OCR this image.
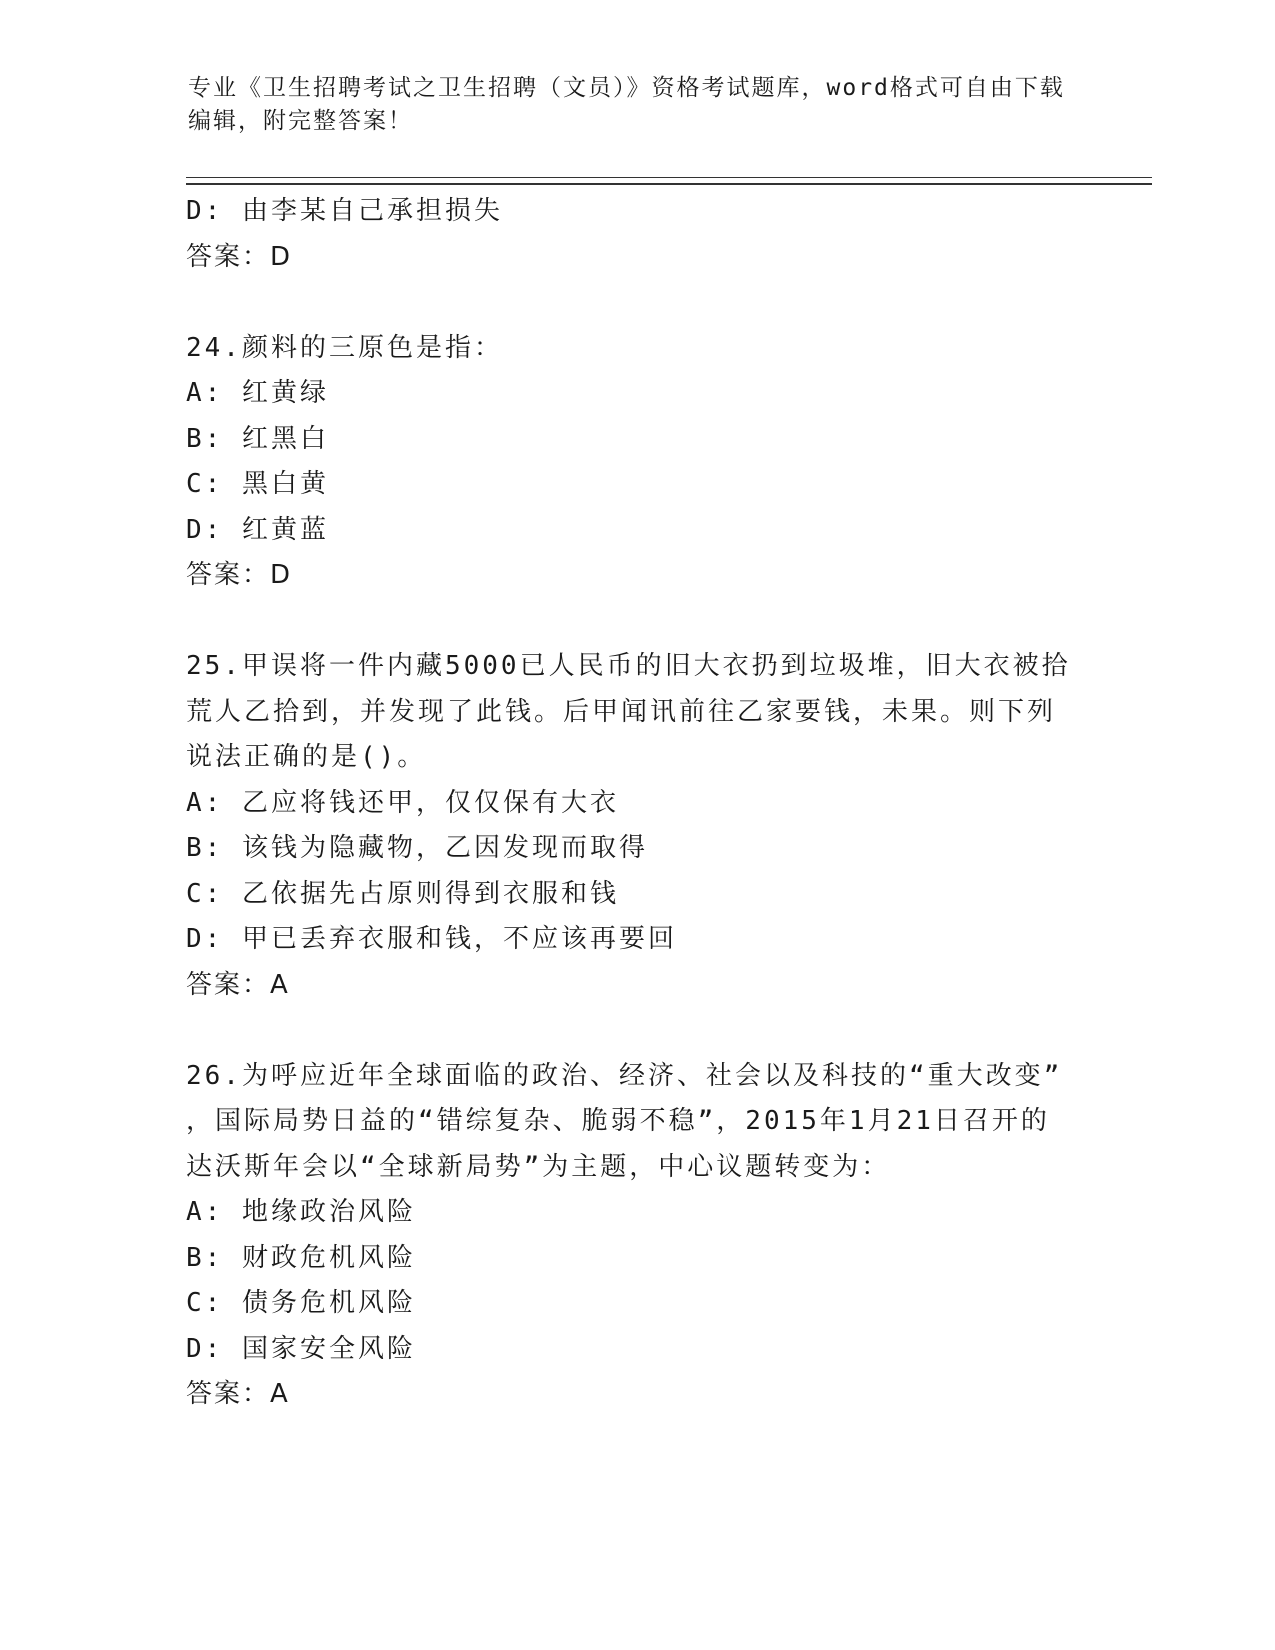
专业《卫生招聘考试之卫生招聘（文员）》资格考试题库，word格式可自由下载
编辑，附完整答案！
D: 由李某自己承担损失
答案：D
24.颜料的三原色是指：
A: 红黄绿
B: 红黑白
C: 黑白黄
D: 红黄蓝
答案：D
25.甲误将一件内藏5000已人民币的旧大衣扔到垃圾堆，旧大衣被拾
荒人乙拾到，并发现了此钱。后甲闻讯前往乙家要钱，未果。则下列
说法正确的是()。
A: 乙应将钱还甲，仅仅保有大衣
B: 该钱为隐藏物，乙因发现而取得
C: 乙依据先占原则得到衣服和钱
D: 甲已丢弃衣服和钱，不应该再要回
答案：A
26.为呼应近年全球面临的政治、经济、社会以及科技的“重大改变”
，国际局势日益的“错综复杂、脆弱不稳”，2015年1月21日召开的
达沃斯年会以“全球新局势”为主题，中心议题转变为：
A: 地缘政治风险
B: 财政危机风险
C: 债务危机风险
D: 国家安全风险
答案：A
